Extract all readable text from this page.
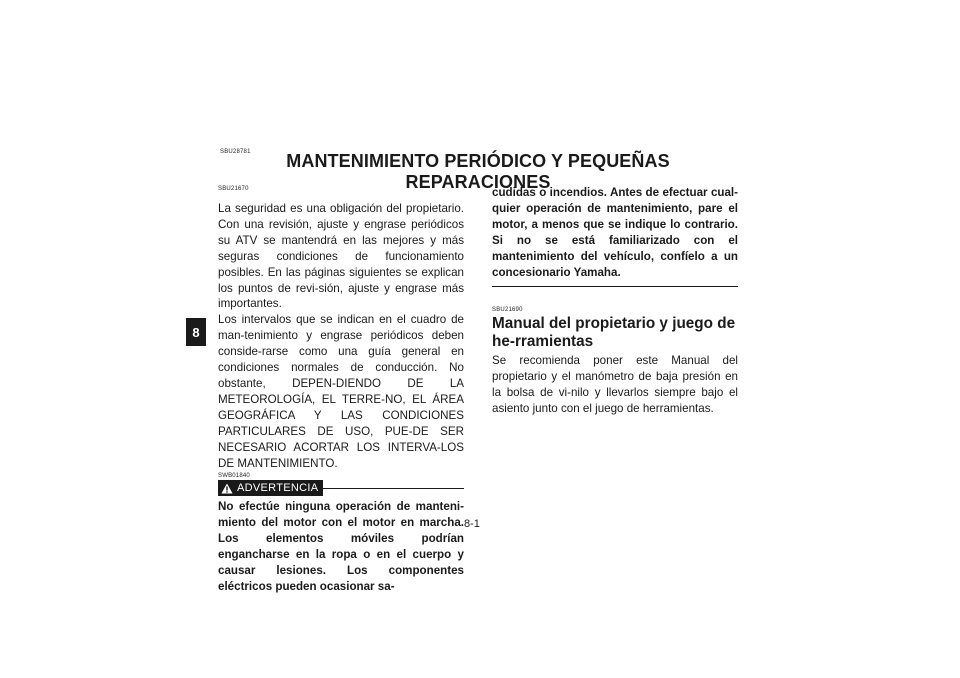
8
SBU28781	MANTENIMIENTO PERIÓDICO Y PEQUEÑAS REPARACIONES
SBU21670

La seguridad es una obligación del propietario. Con una revisión, ajuste y engrase periódicos su ATV se mantendrá en las mejores y más seguras condiciones de funcionamiento posibles. En las páginas siguientes se explican los puntos de revi-sión, ajuste y engrase más importantes.

Los intervalos que se indican en el cuadro de man-tenimiento y engrase periódicos deben conside-rarse como una guía general en condiciones normales de conducción. No obstante, DEPEN-DIENDO DE LA METEOROLOGÍA, EL TERRE-NO, EL ÁREA GEOGRÁFICA Y LAS CONDICIONES PARTICULARES DE USO, PUE-DE SER NECESARIO ACORTAR LOS INTERVA-LOS DE MANTENIMIENTO.

SWB01840
ADVERTENCIA

No efectúe ninguna operación de manteni-miento del motor con el motor en marcha. Los elementos móviles podrían engancharse en la ropa o en el cuerpo y causar lesiones. Los componentes eléctricos pueden ocasionar sa-

cudidas o incendios. Antes de efectuar cual-quier operación de mantenimiento, pare el motor, a menos que se indique lo contrario. Si no se está familiarizado con el mantenimiento del vehículo, confíelo a un concesionario Yamaha.

SBU21690
Manual del propietario y juego de he-rramientas

Se recomienda poner este Manual del propietario y el manómetro de baja presión en la bolsa de vi-nilo y llevarlos siempre bajo el asiento junto con el juego de herramientas.

8-1
